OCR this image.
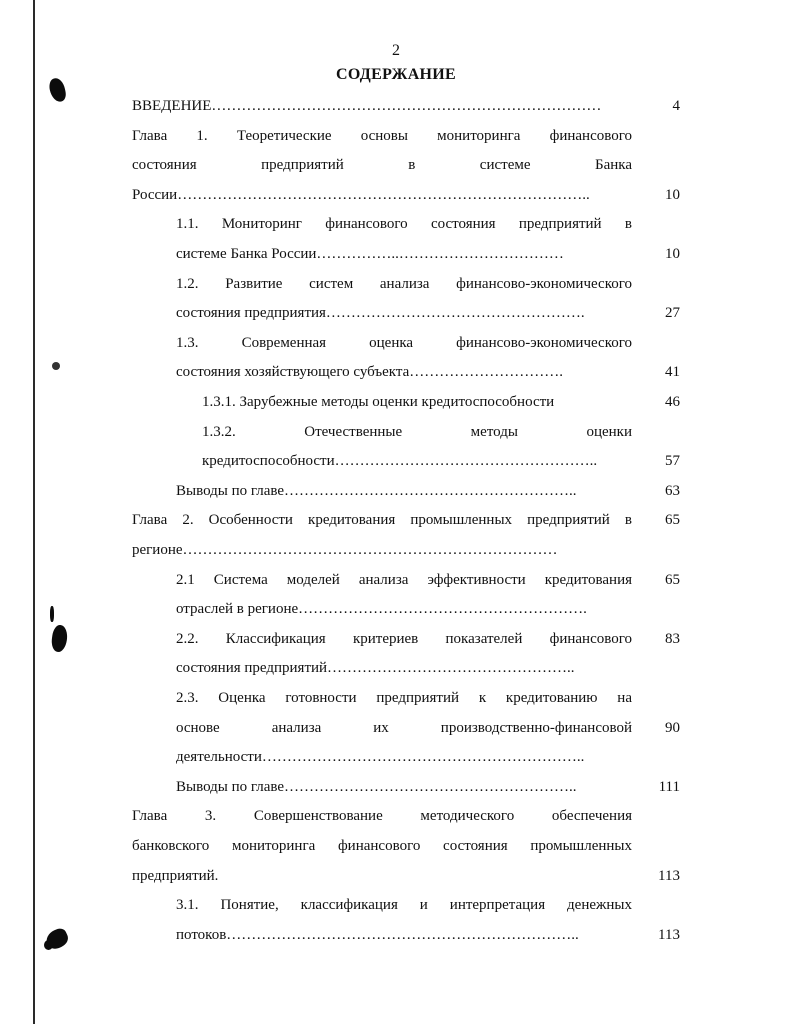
2
СОДЕРЖАНИЕ
ВВЕДЕНИЕ……………………………………………………………………	4
Глава 1. Теоретические основы мониторинга финансового
состояния предприятий в системе Банка
России………………………………………………………………………..	10
1.1. Мониторинг финансового состояния предприятий в
системе Банка России……………..……………………………	10
1.2. Развитие систем анализа финансово-экономического
состояния предприятия…………………………………………….	27
1.3. Современная оценка финансово-экономического
состояния хозяйствующего субъекта………………………….	41
1.3.1. Зарубежные методы оценки кредитоспособности	46
1.3.2. Отечественные методы оценки
кредитоспособности……………………………………………..	57
Выводы по главе…………………………………………………..	63
Глава 2. Особенности кредитования промышленных предприятий в	65
регионе…………………………………………………………………
2.1 Система моделей анализа эффективности кредитования	65
отраслей в регионе………………………………………………….
2.2. Классификация критериев показателей финансового	83
состояния предприятий…………………………………………..
2.3. Оценка готовности предприятий к кредитованию на
основе анализа их производственно-финансовой	90
деятельности………………………………………………………..
Выводы по главе…………………………………………………..	111
Глава 3. Совершенствование методического обеспечения
банковского мониторинга финансового состояния промышленных
предприятий.	113
3.1. Понятие, классификация и интерпретация денежных
потоков……………………………………………………………..	113
